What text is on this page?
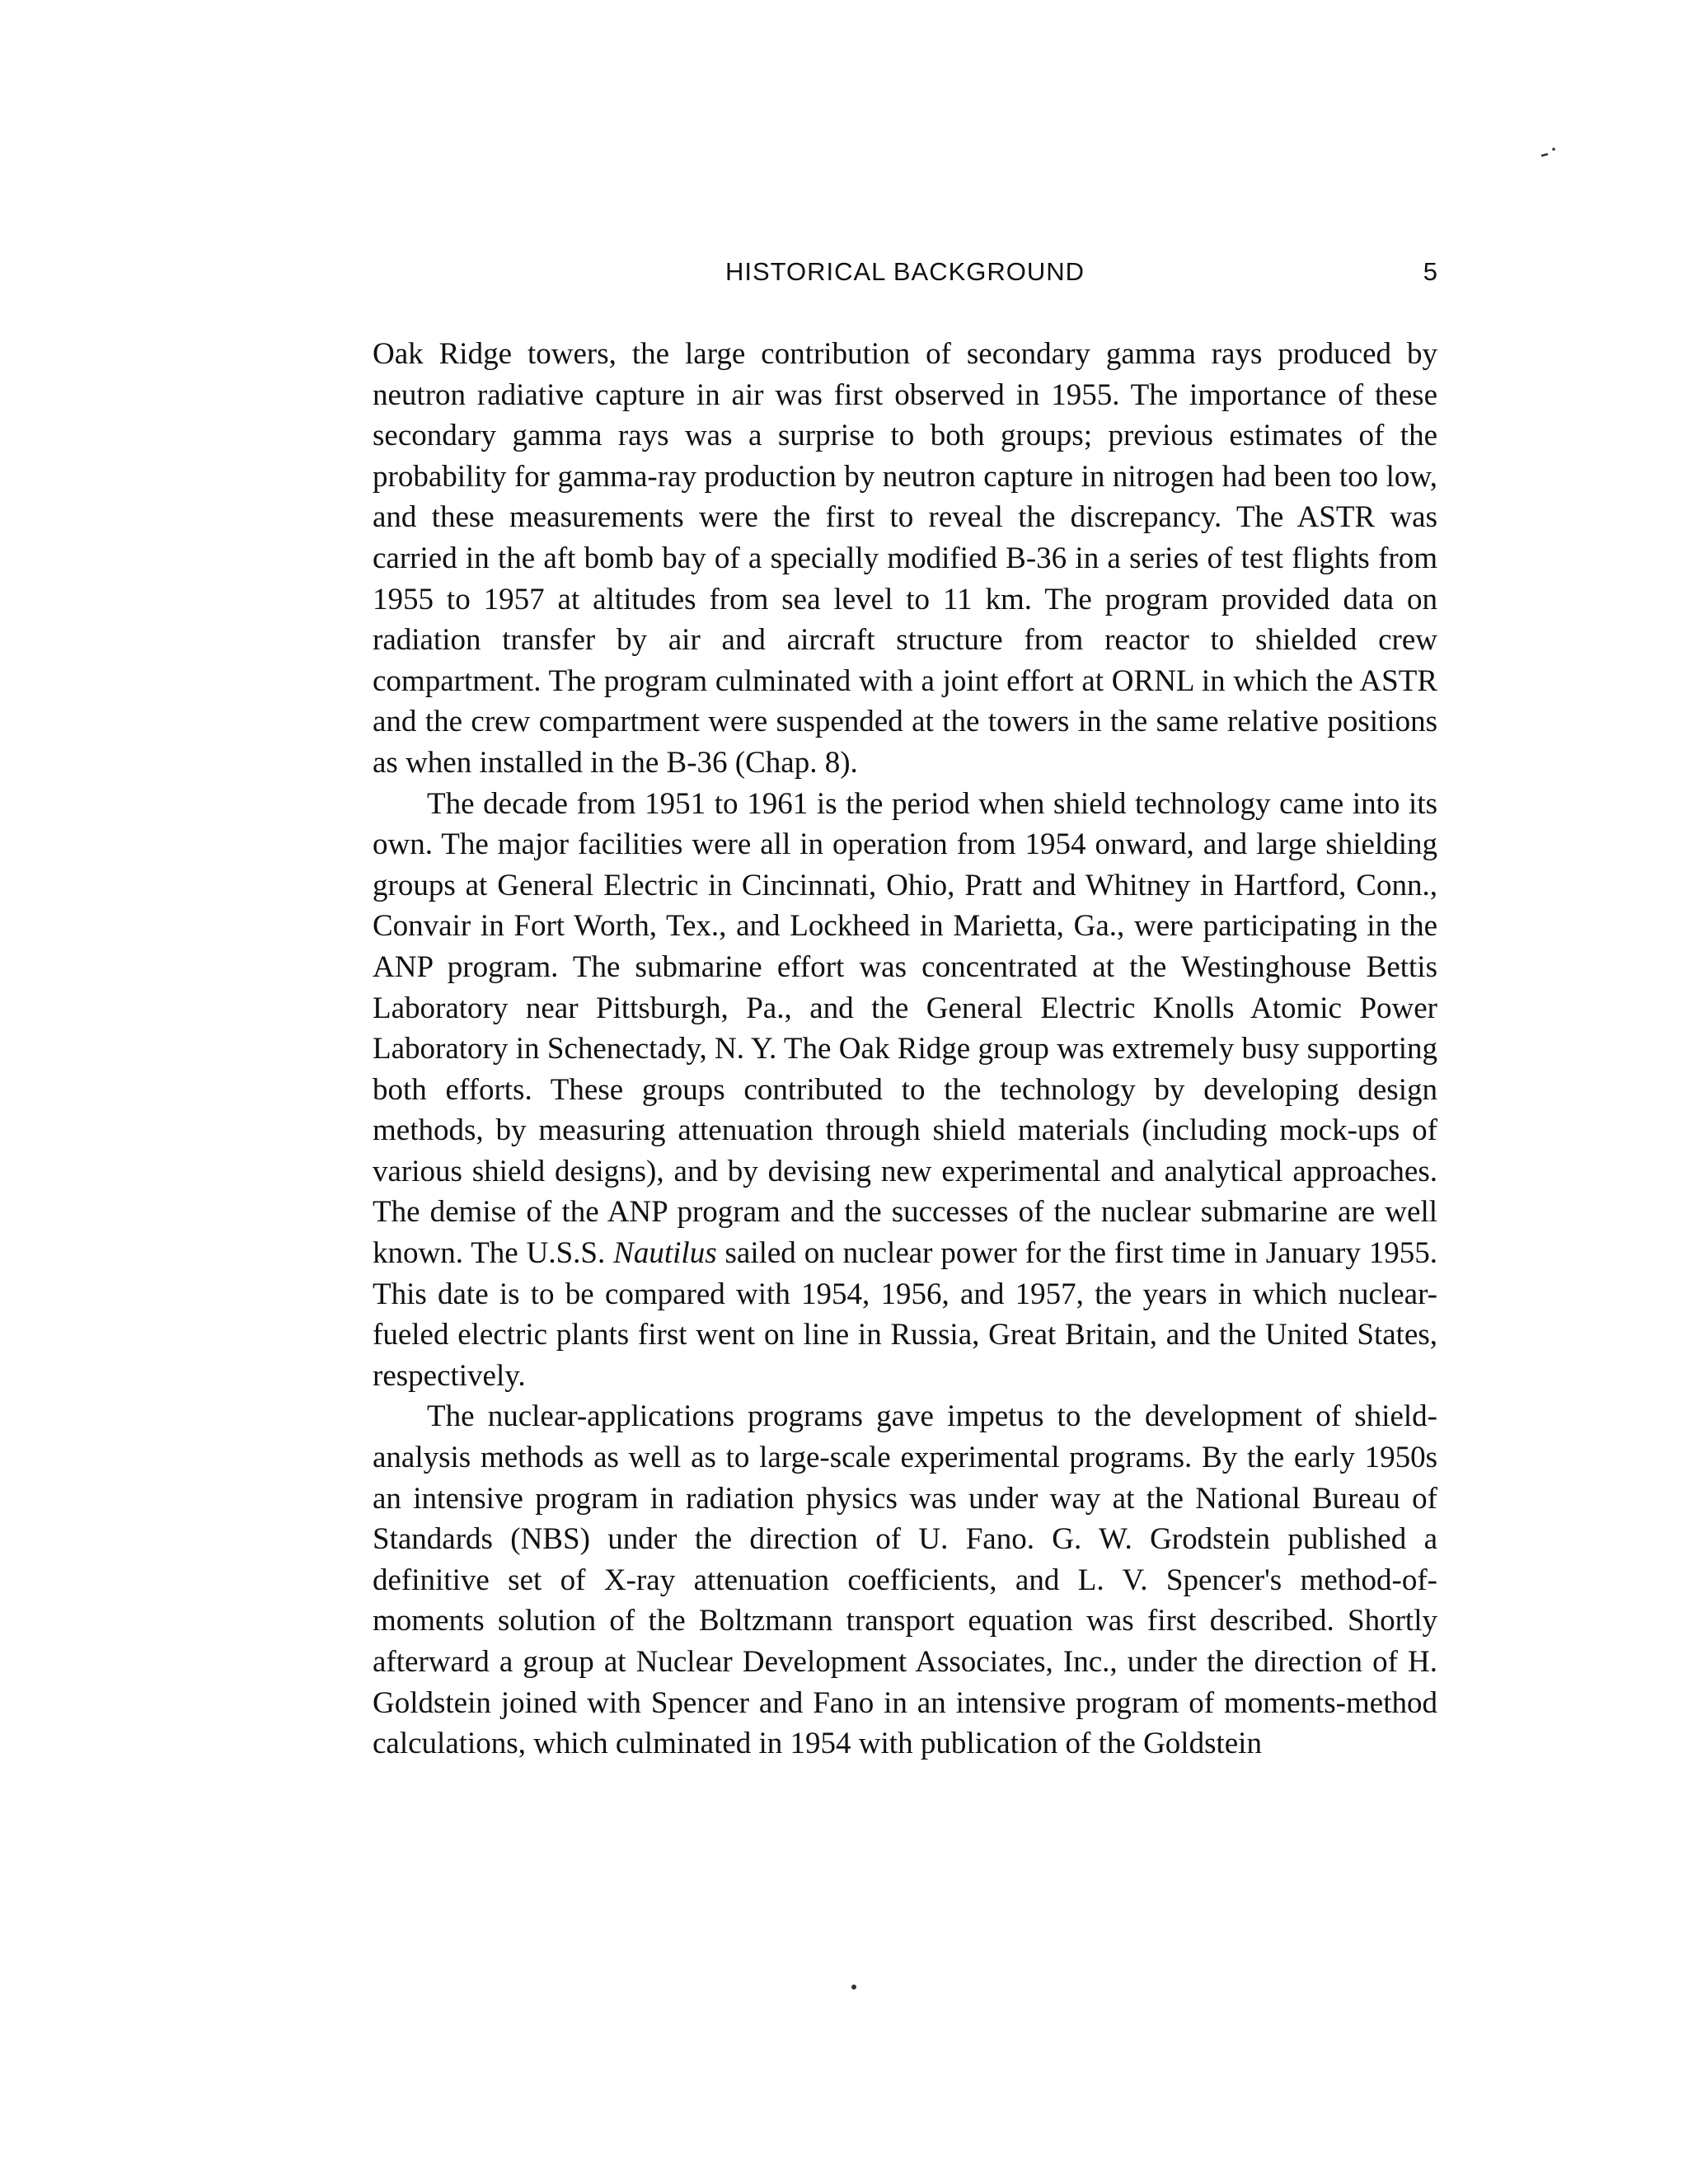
HISTORICAL BACKGROUND	5

Oak Ridge towers, the large contribution of secondary gamma rays produced by neutron radiative capture in air was first observed in 1955. The importance of these secondary gamma rays was a surprise to both groups; previous estimates of the probability for gamma-ray production by neutron capture in nitrogen had been too low, and these measurements were the first to reveal the discrepancy. The ASTR was carried in the aft bomb bay of a specially modified B-36 in a series of test flights from 1955 to 1957 at altitudes from sea level to 11 km. The program provided data on radiation transfer by air and aircraft structure from reactor to shielded crew compartment. The program culminated with a joint effort at ORNL in which the ASTR and the crew compartment were suspended at the towers in the same relative positions as when installed in the B-36 (Chap. 8).

The decade from 1951 to 1961 is the period when shield technology came into its own. The major facilities were all in operation from 1954 onward, and large shielding groups at General Electric in Cincinnati, Ohio, Pratt and Whitney in Hartford, Conn., Convair in Fort Worth, Tex., and Lockheed in Marietta, Ga., were participating in the ANP program. The submarine effort was concentrated at the Westinghouse Bettis Laboratory near Pittsburgh, Pa., and the General Electric Knolls Atomic Power Laboratory in Schenectady, N. Y. The Oak Ridge group was extremely busy supporting both efforts. These groups contributed to the technology by developing design methods, by measuring attenuation through shield materials (including mock-ups of various shield designs), and by devising new experimental and analytical approaches. The demise of the ANP program and the successes of the nuclear submarine are well known. The U.S.S. Nautilus sailed on nuclear power for the first time in January 1955. This date is to be compared with 1954, 1956, and 1957, the years in which nuclear-fueled electric plants first went on line in Russia, Great Britain, and the United States, respectively.

The nuclear-applications programs gave impetus to the development of shield-analysis methods as well as to large-scale experimental programs. By the early 1950s an intensive program in radiation physics was under way at the National Bureau of Standards (NBS) under the direction of U. Fano. G. W. Grodstein published a definitive set of X-ray attenuation coefficients, and L. V. Spencer's method-of-moments solution of the Boltzmann transport equation was first described. Shortly afterward a group at Nuclear Development Associates, Inc., under the direction of H. Goldstein joined with Spencer and Fano in an intensive program of moments-method calculations, which culminated in 1954 with publication of the Goldstein
